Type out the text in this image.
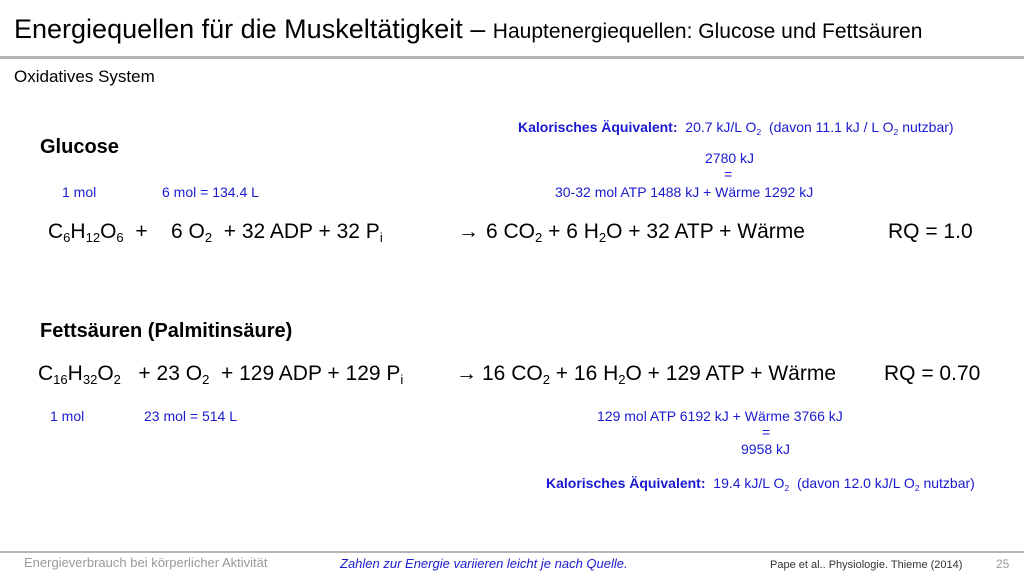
Energiequellen für die Muskeltätigkeit – Hauptenergiequellen: Glucose und Fettsäuren
Oxidatives System
Glucose
Kalorisches Äquivalent: 20.7 kJ/L $O_2$ (davon 11.1 kJ / L $O_2$ nutzbar)
2780 kJ
=
30-32 mol ATP 1488 kJ + Wärme 1292 kJ
1 mol	6 mol = 134.4 L
$C_6H_{12}O_6$  +    6 $O_2 + 32$ ADP + 32 $P_i$	→ 6 $CO_2 + 6$ $H_2O + 32$ ATP + Wärme	RQ = 1.0
Fettsäuren (Palmitinsäure)
$C_{16}H_{32}O_2 + 23$ $O_2 + 129$ ADP + 129 $P_i$	→ 16 $CO_2 + 16$ $H_2O + 129$ ATP + Wärme RQ = 0.70
1 mol	23 mol = 514 L	129 mol ATP 6192 kJ + Wärme 3766 kJ
=
9958 kJ
Kalorisches Äquivalent: 19.4 kJ/L $O_2$ (davon 12.0 kJ/L $O_2$ nutzbar)
Energieverbrauch bei körperlicher Aktivität	Zahlen zur Energie variieren leicht je nach Quelle.	Pape et al.. Physiologie. Thieme (2014)	25
